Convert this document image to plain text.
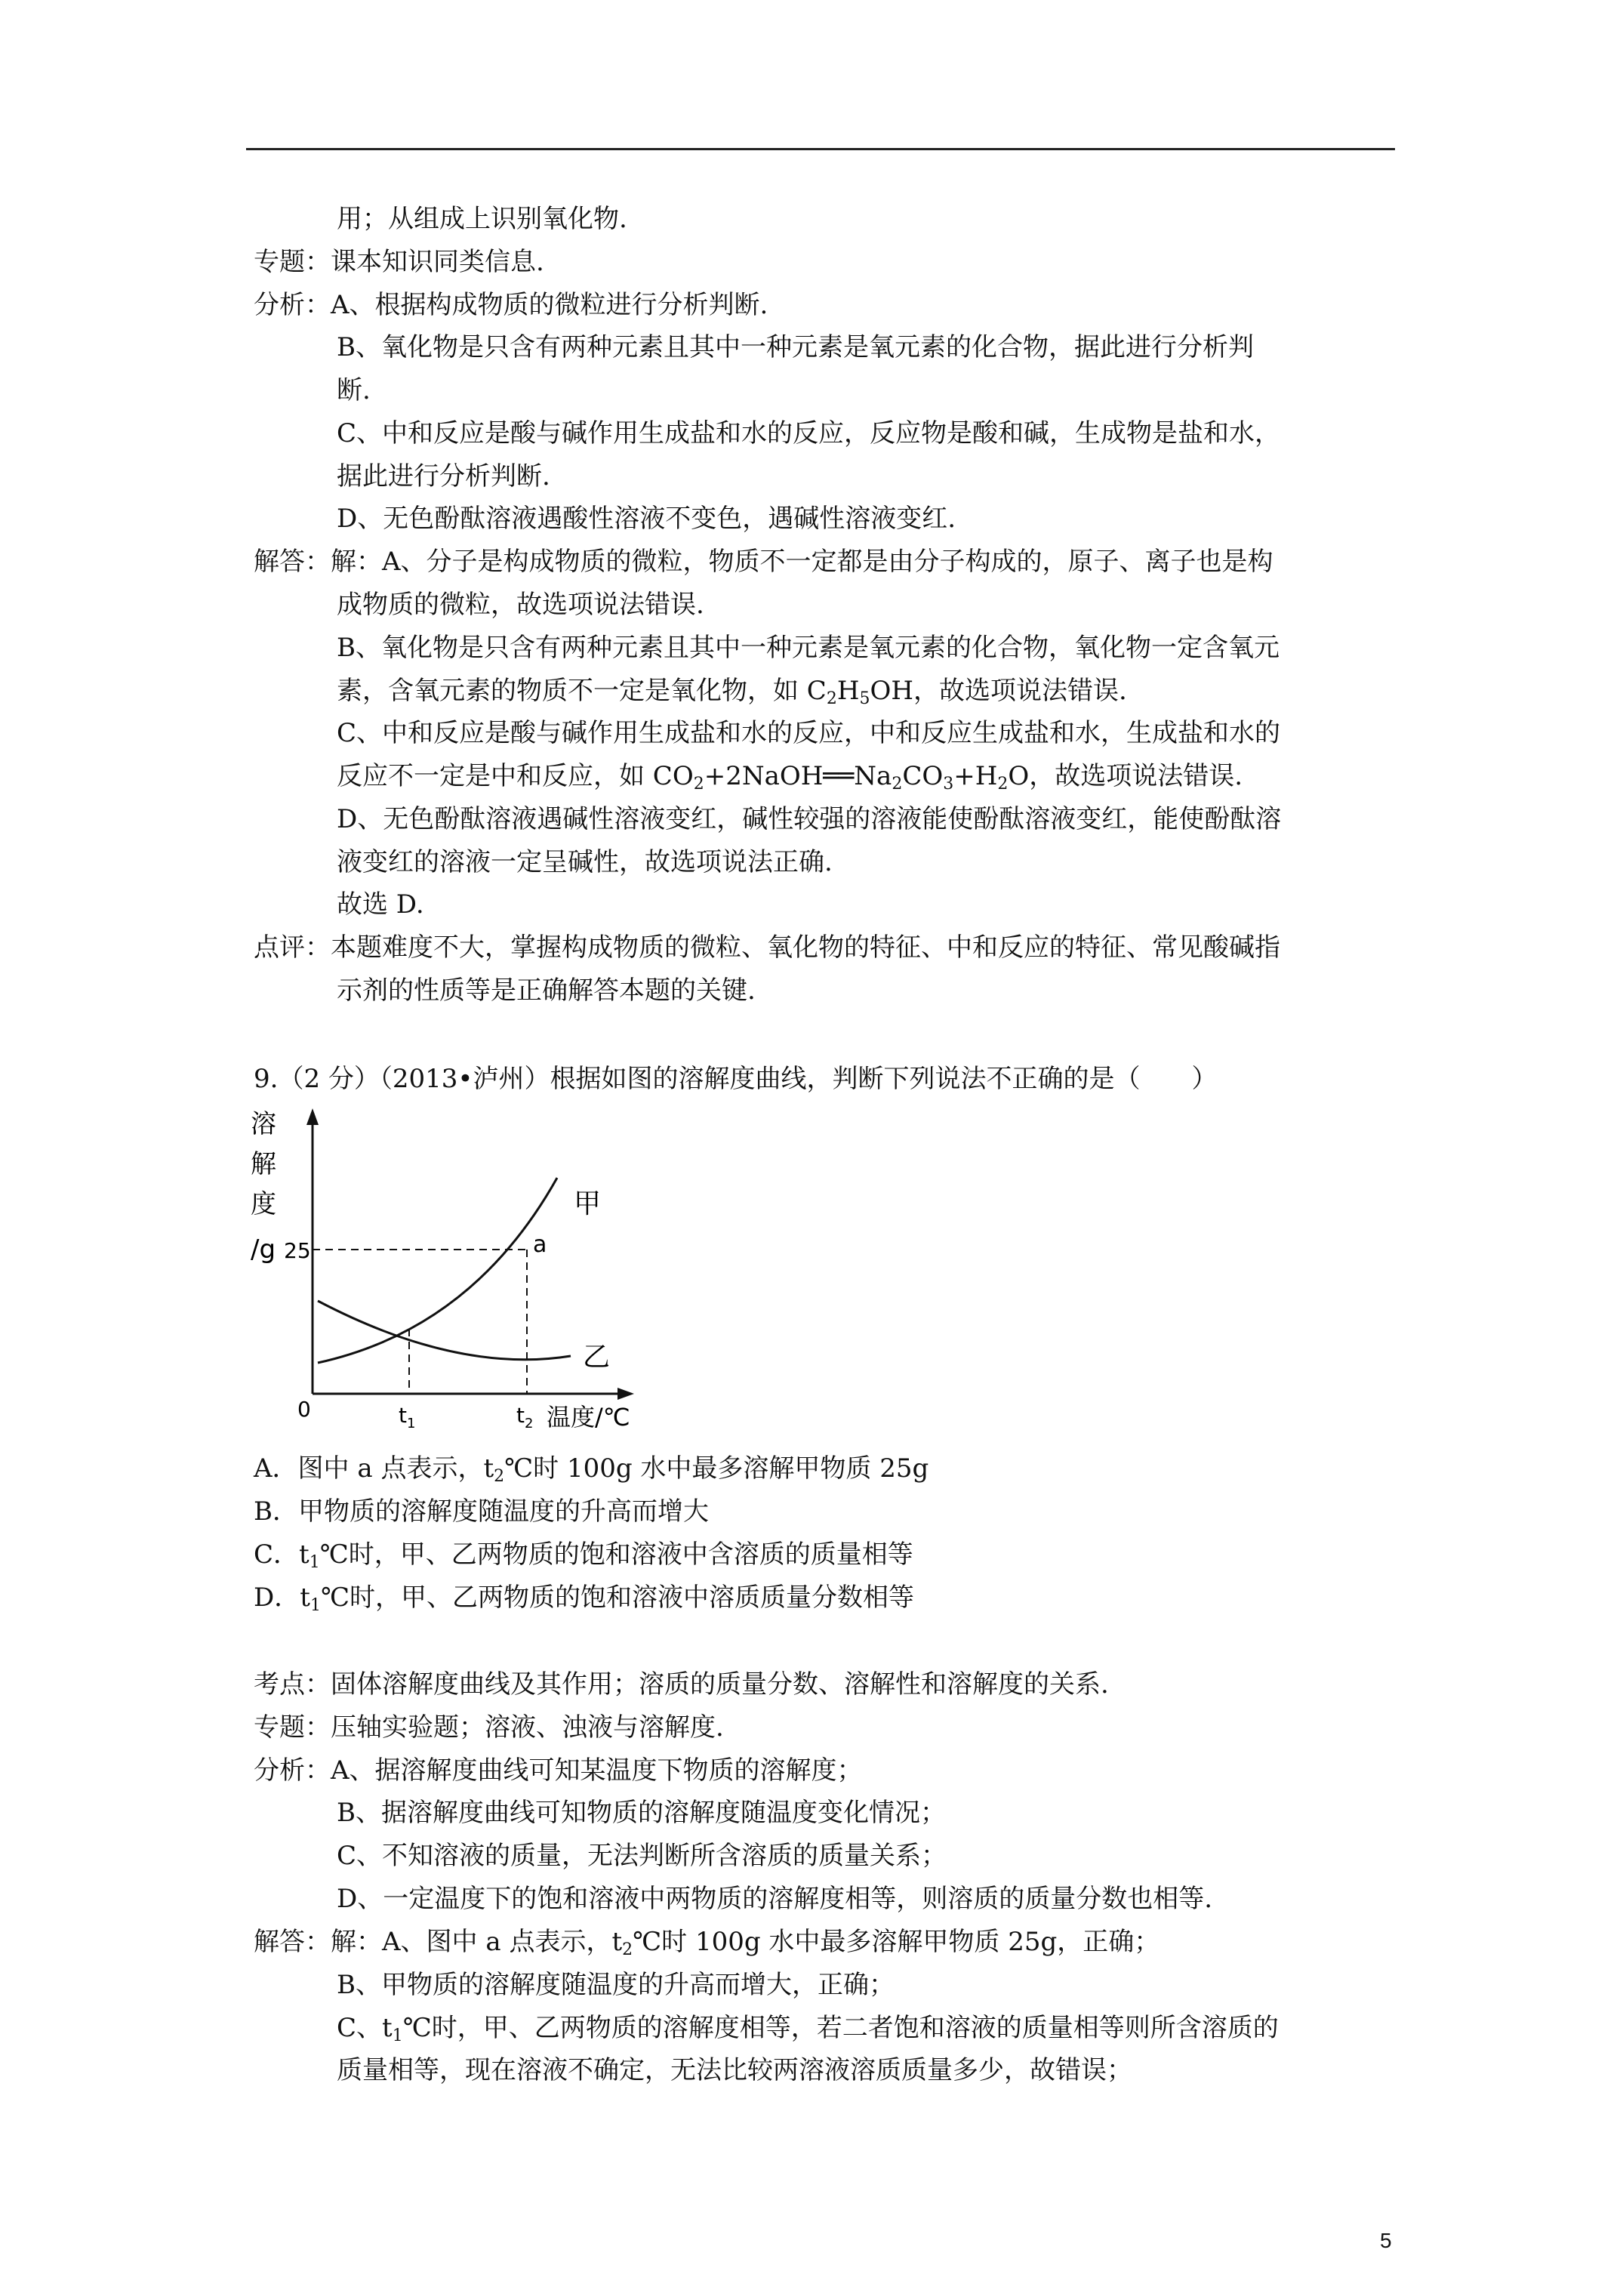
用；从组成上识别氧化物.
专题：课本知识同类信息.
分析：A、根据构成物质的微粒进行分析判断.
B、氧化物是只含有两种元素且其中一种元素是氧元素的化合物，据此进行分析判
断.
C、中和反应是酸与碱作用生成盐和水的反应，反应物是酸和碱，生成物是盐和水，
据此进行分析判断.
D、无色酚酞溶液遇酸性溶液不变色，遇碱性溶液变红.
解答：解：A、分子是构成物质的微粒，物质不一定都是由分子构成的，原子、离子也是构
成物质的微粒，故选项说法错误.
B、氧化物是只含有两种元素且其中一种元素是氧元素的化合物，氧化物一定含氧元
素，含氧元素的物质不一定是氧化物，如 $C_2H_5OH$，故选项说法错误.
C、中和反应是酸与碱作用生成盐和水的反应，中和反应生成盐和水，生成盐和水的
反应不一定是中和反应，如 $CO_2+2NaOH══Na_2CO_3+H_2O$，故选项说法错误.
D、无色酚酞溶液遇碱性溶液变红，碱性较强的溶液能使酚酞溶液变红，能使酚酞溶
液变红的溶液一定呈碱性，故选项说法正确.
故选 D.
点评：本题难度不大，掌握构成物质的微粒、氧化物的特征、中和反应的特征、常见酸碱指
示剂的性质等是正确解答本题的关键.
9.（2 分）（2013•泸州）根据如图的溶解度曲线，判断下列说法不正确的是（　　）
A．图中 a 点表示，$t_2℃$时 100g 水中最多溶解甲物质 25g
B．甲物质的溶解度随温度的升高而增大
C．$t_1℃$时，甲、乙两物质的饱和溶液中含溶质的质量相等
D．$t_1℃$时，甲、乙两物质的饱和溶液中溶质质量分数相等
考点：固体溶解度曲线及其作用；溶质的质量分数、溶解性和溶解度的关系.
专题：压轴实验题；溶液、浊液与溶解度.
分析：A、据溶解度曲线可知某温度下物质的溶解度；
B、据溶解度曲线可知物质的溶解度随温度变化情况；
C、不知溶液的质量，无法判断所含溶质的质量关系；
D、一定温度下的饱和溶液中两物质的溶解度相等，则溶质的质量分数也相等.
解答：解：A、图中 a 点表示，$t_2℃$时 100g 水中最多溶解甲物质 25g，正确；
B、甲物质的溶解度随温度的升高而增大，正确；
C、$t_1℃$时，甲、乙两物质的溶解度相等，若二者饱和溶液的质量相等则所含溶质的
质量相等，现在溶液不确定，无法比较两溶液溶质质量多少，故错误；
溶
解
度
/g 25
0	$t_1$	$t_2$ 温度/℃
甲
乙
a
5
